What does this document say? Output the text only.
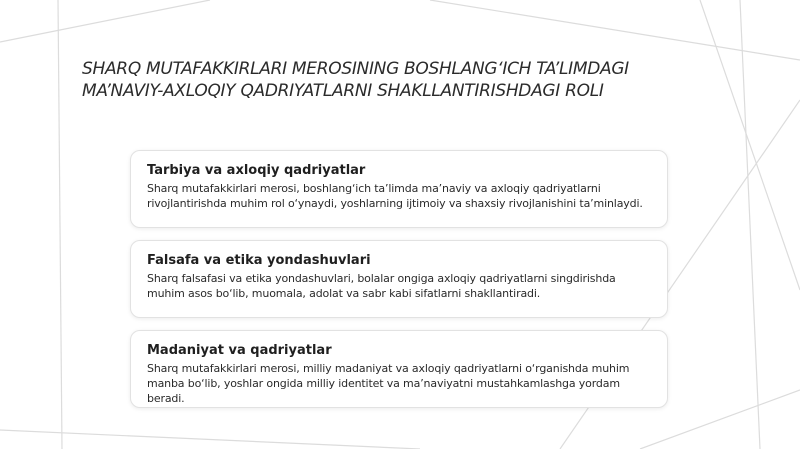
SHARQ MUTAFAKKIRLARI MEROSINING BOSHLANG‘ICH TA’LIMDAGI
MA’NAVIY-AXLOQIY QADRIYATLARNI SHAKLLANTIRISHDAGI ROLI
Tarbiya va axloqiy qadriyatlar
Sharq mutafakkirlari merosi, boshlang‘ich ta’limda ma’naviy va axloqiy qadriyatlarni rivojlantirishda muhim rol o‘ynaydi, yoshlarning ijtimoiy va shaxsiy rivojlanishini ta’minlaydi.
Falsafa va etika yondashuvlari
Sharq falsafasi va etika yondashuvlari, bolalar ongiga axloqiy qadriyatlarni singdirishda muhim asos bo‘lib, muomala, adolat va sabr kabi sifatlarni shakllantiradi.
Madaniyat va qadriyatlar
Sharq mutafakkirlari merosi, milliy madaniyat va axloqiy qadriyatlarni o‘rganishda muhim manba bo‘lib, yoshlar ongida milliy identitet va ma’naviyatni mustahkamlashga yordam beradi.
